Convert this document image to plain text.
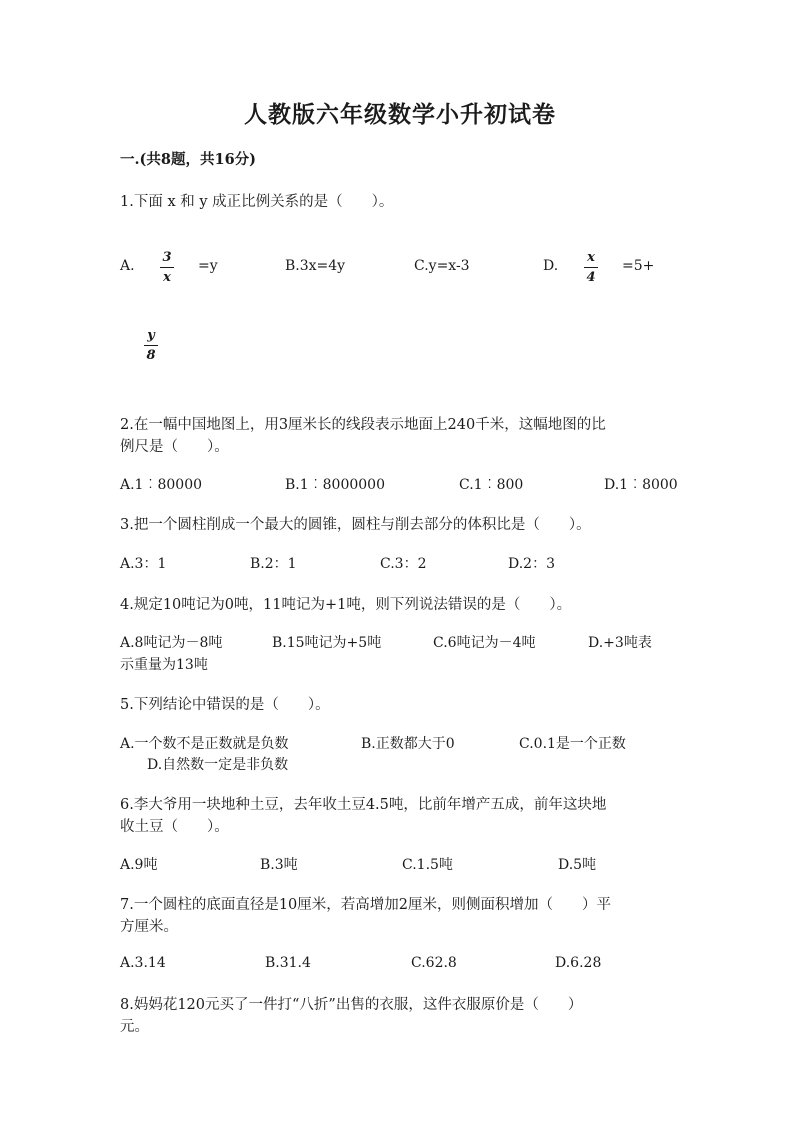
人教版六年级数学小升初试卷
一.(共8题，共16分)
1.下面 x 和 y 成正比例关系的是（　　）。
A.
3
x
=y	B.3x=4y	C.y=x-3	D.
x
4
=5+
y
8
2.在一幅中国地图上，用3厘米长的线段表示地面上240千米，这幅地图的比
例尺是（　　）。
A.1︰80000	B.1︰8000000	C.1︰800	D.1︰8000
3.把一个圆柱削成一个最大的圆锥，圆柱与削去部分的体积比是（　　）。
A.3：1	B.2：1	C.3：2	D.2：3
4.规定10吨记为0吨，11吨记为+1吨，则下列说法错误的是（　　）。
A.8吨记为－8吨	B.15吨记为+5吨	C.6吨记为－4吨	D.+3吨表
示重量为13吨
5.下列结论中错误的是（　　）。
A.一个数不是正数就是负数	B.正数都大于0	C.0.1是一个正数
D.自然数一定是非负数
6.李大爷用一块地种土豆，去年收土豆4.5吨，比前年增产五成，前年这块地
收土豆（　　）。
A.9吨	B.3吨	C.1.5吨	D.5吨
7.一个圆柱的底面直径是10厘米，若高增加2厘米，则侧面积增加（　　）平
方厘米。
A.3.14	B.31.4	C.62.8	D.6.28
8.妈妈花120元买了一件打“八折”出售的衣服，这件衣服原价是（　　）
元。
